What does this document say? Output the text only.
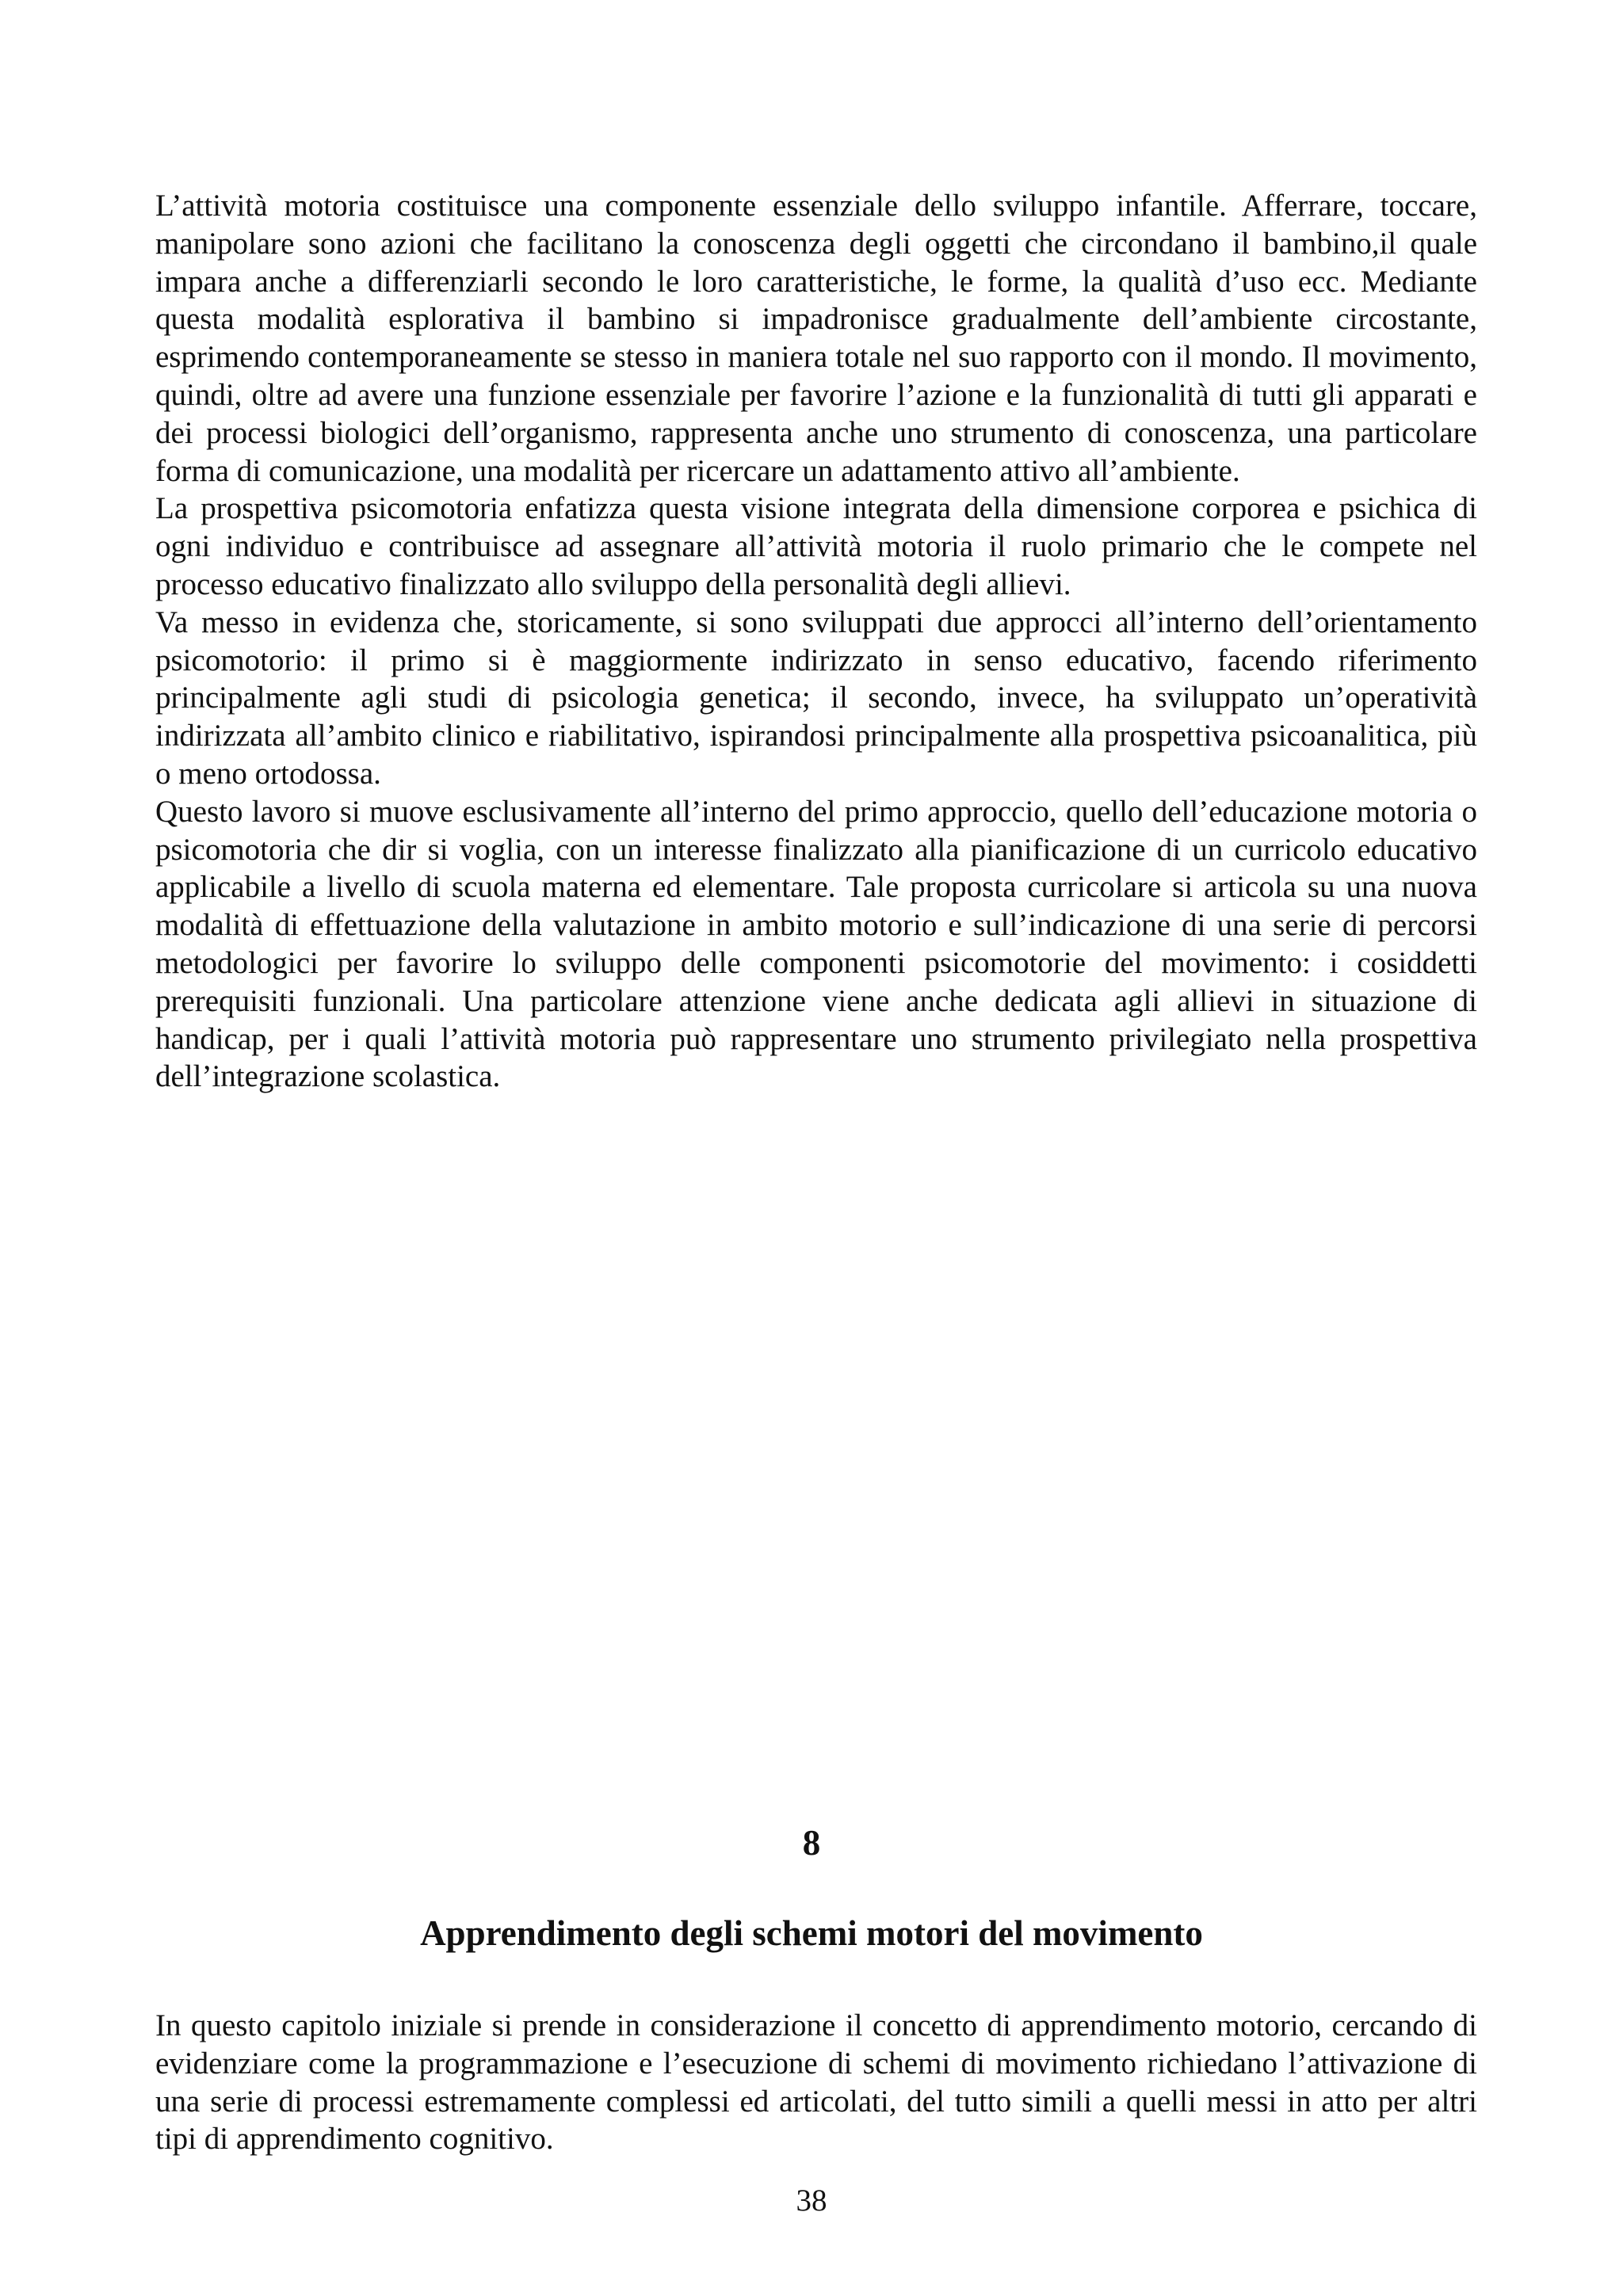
L’attività motoria costituisce una componente essenziale dello sviluppo infantile. Afferrare, toccare, manipolare sono azioni che facilitano la conoscenza degli oggetti che circondano il bambino,il quale impara anche a differenziarli secondo le loro caratteristiche, le forme, la qualità d’uso ecc. Mediante questa modalità esplorativa il bambino si impadronisce gradualmente dell’ambiente circostante, esprimendo contemporaneamente se stesso in maniera totale nel suo rapporto con il mondo. Il movimento, quindi, oltre ad avere una funzione essenziale per favorire l’azione e la funzionalità di tutti gli apparati e dei processi biologici dell’organismo, rappresenta anche uno strumento di conoscenza, una particolare forma di comunicazione, una modalità per ricercare un adattamento attivo all’ambiente.

La prospettiva psicomotoria enfatizza questa visione integrata della dimensione corporea e psichica di ogni individuo e contribuisce ad assegnare all’attività motoria il ruolo primario che le compete nel processo educativo finalizzato allo sviluppo della personalità degli allievi.

Va messo in evidenza che, storicamente, si sono sviluppati due approcci all’interno dell’orientamento psicomotorio: il primo si è maggiormente indirizzato in senso educativo, facendo riferimento principalmente agli studi di psicologia genetica; il secondo, invece, ha sviluppato un’operatività indirizzata all’ambito clinico e riabilitativo, ispirandosi principalmente alla prospettiva psicoanalitica, più o meno ortodossa.

Questo lavoro si muove esclusivamente all’interno del primo approccio, quello dell’educazione motoria o psicomotoria che dir si voglia, con un interesse finalizzato alla pianificazione di un curricolo educativo applicabile a livello di scuola materna ed elementare. Tale proposta curricolare si articola su una nuova modalità di effettuazione della valutazione in ambito motorio e sull’indicazione di una serie di percorsi metodologici per favorire lo sviluppo delle componenti psicomotorie del movimento: i cosiddetti prerequisiti funzionali. Una particolare attenzione viene anche dedicata agli allievi in situazione di handicap, per i quali l’attività motoria può rappresentare uno strumento privilegiato nella prospettiva dell’integrazione scolastica.

8
Apprendimento degli schemi motori del movimento

In questo capitolo iniziale si prende in considerazione il concetto di apprendimento motorio, cercando di evidenziare come la programmazione e l’esecuzione di schemi di movimento richiedano l’attivazione di una serie di processi estremamente complessi ed articolati, del tutto simili a quelli messi in atto per altri tipi di apprendimento cognitivo.

38
